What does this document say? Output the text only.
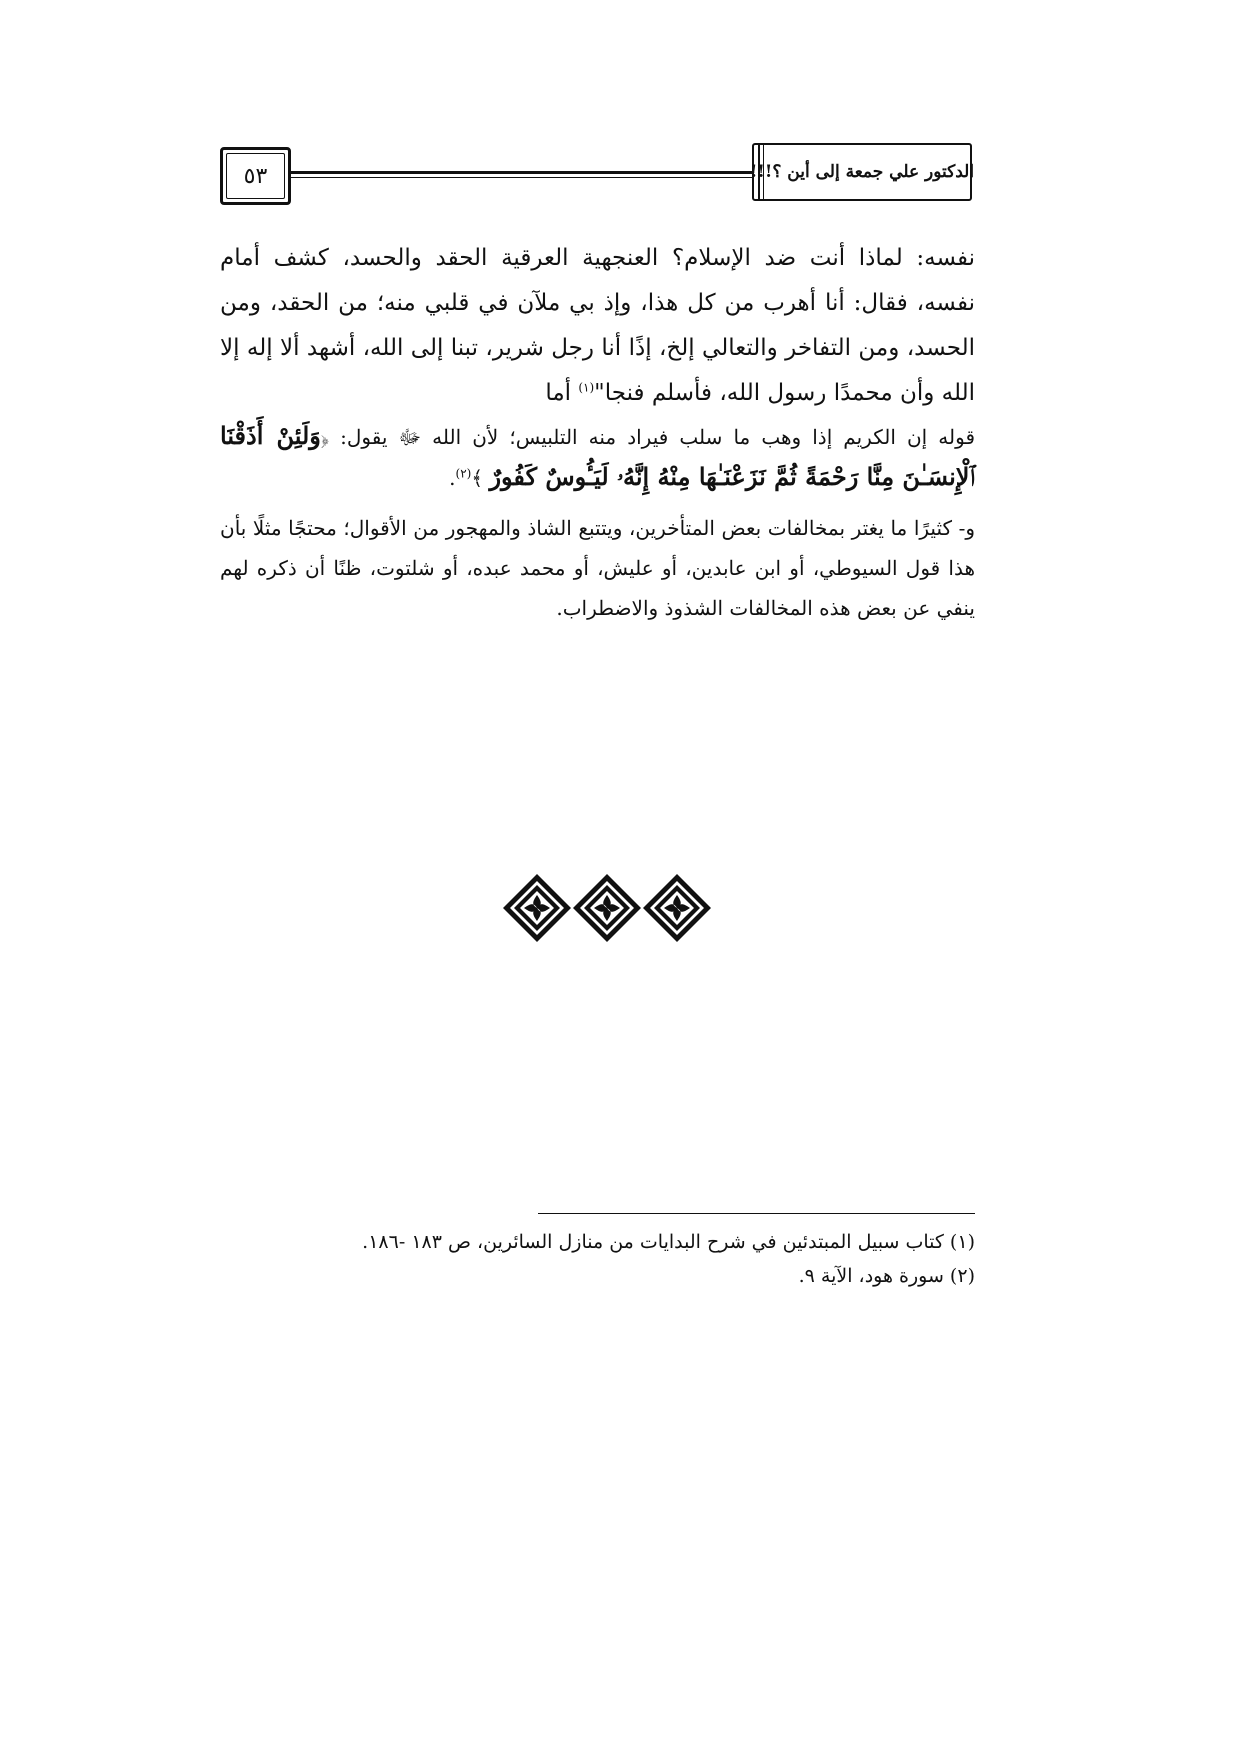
٥٣	الدكتور علي جمعة إلى أين ؟!!!

نفسه: لماذا أنت ضد الإسلام؟ العنجهية العرقية الحقد والحسد، كشف أمام نفسه، فقال: أنا أهرب من كل هذا، وإذ بي ملآن في قلبي منه؛ من الحقد، ومن الحسد، ومن التفاخر والتعالي إلخ، إذًا أنا رجل شرير، تبنا إلى الله، أشهد ألا إله إلا الله وأن محمدًا رسول الله، فأسلم فنجا"$^{(١)}$ أما

قوله إن الكريم إذا وهب ما سلب فيراد منه التلبيس؛ لأن الله ﷻ يقول: ﴿وَلَئِنْ أَذَقْنَا ٱلْإِنسَـٰنَ مِنَّا رَحْمَةً ثُمَّ نَزَعْنَـٰهَا مِنْهُ إِنَّهُۥ لَيَـُٔوسٌ كَفُورٌ ﴾$^{(٢)}$.

و- كثيرًا ما يغتر بمخالفات بعض المتأخرين، ويتتبع الشاذ والمهجور من الأقوال؛ محتجًا مثلًا بأن هذا قول السيوطي، أو ابن عابدين، أو عليش، أو محمد عبده، أو شلتوت، ظنًا أن ذكره لهم ينفي عن بعض هذه المخالفات الشذوذ والاضطراب.

(١) كتاب سبيل المبتدئين في شرح البدايات من منازل السائرين، ص ١٨٣ -١٨٦.

(٢) سورة هود، الآية ٩.
